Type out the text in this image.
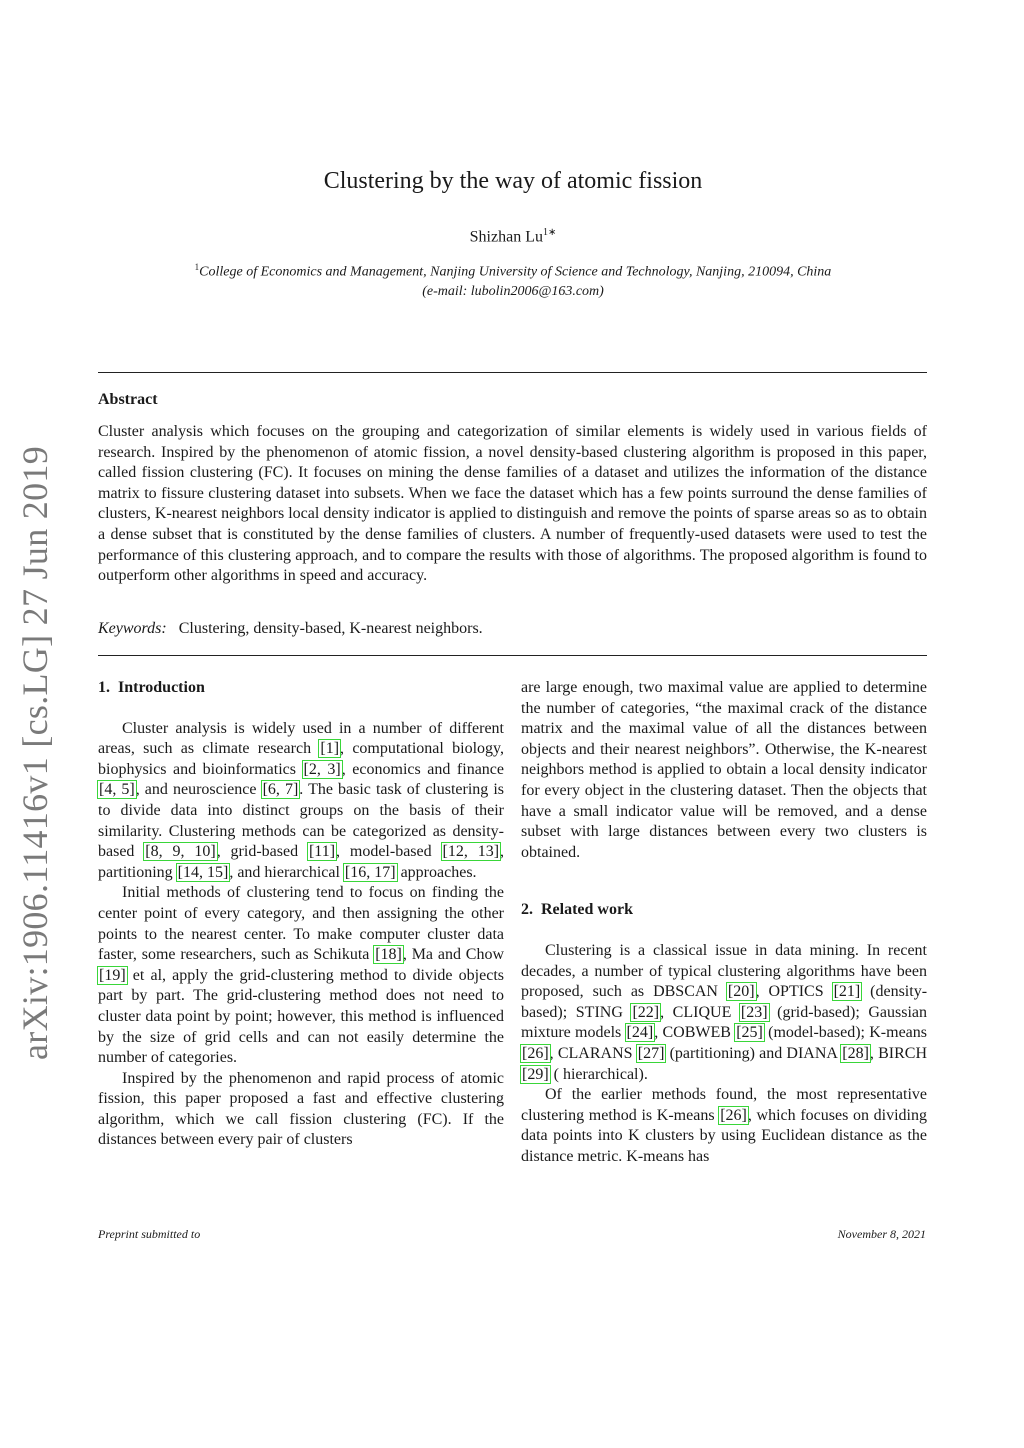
arXiv:1906.11416v1 [cs.LG] 27 Jun 2019
Clustering by the way of atomic fission
Shizhan $Lu^{1∗}$
$^1$College of Economics and Management, Nanjing University of Science and Technology, Nanjing, 210094, China
(e-mail: lubolin2006@163.com)
Abstract
Cluster analysis which focuses on the grouping and categorization of similar elements is widely used in various fields of research. Inspired by the phenomenon of atomic fission, a novel density-based clustering algorithm is proposed in this paper, called fission clustering (FC). It focuses on mining the dense families of a dataset and utilizes the information of the distance matrix to fissure clustering dataset into subsets. When we face the dataset which has a few points surround the dense families of clusters, K-nearest neighbors local density indicator is applied to distinguish and remove the points of sparse areas so as to obtain a dense subset that is constituted by the dense families of clusters. A number of frequently-used datasets were used to test the performance of this clustering approach, and to compare the results with those of algorithms. The proposed algorithm is found to outperform other algorithms in speed and accuracy.
Keywords: Clustering, density-based, K-nearest neighbors.
1. Introduction

Cluster analysis is widely used in a number of different areas, such as climate research [1], computational biology, biophysics and bioinformatics [2, 3], economics and finance [4, 5], and neuroscience [6, 7]. The basic task of clustering is to divide data into distinct groups on the basis of their similarity. Clustering methods can be categorized as density-based [8, 9, 10], grid-based [11], model-based [12, 13], partitioning [14, 15], and hierarchical [16, 17] approaches.

Initial methods of clustering tend to focus on finding the center point of every category, and then assigning the other points to the nearest center. To make computer cluster data faster, some researchers, such as Schikuta [18], Ma and Chow [19] et al, apply the grid-clustering method to divide objects part by part. The grid-clustering method does not need to cluster data point by point; however, this method is influenced by the size of grid cells and can not easily determine the number of categories.

Inspired by the phenomenon and rapid process of atomic fission, this paper proposed a fast and effective clustering algorithm, which we call fission clustering (FC). If the distances between every pair of clusters

are large enough, two maximal value are applied to determine the number of categories, “the maximal crack of the distance matrix and the maximal value of all the distances between objects and their nearest neighbors”. Otherwise, the K-nearest neighbors method is applied to obtain a local density indicator for every object in the clustering dataset. Then the objects that have a small indicator value will be removed, and a dense subset with large distances between every two clusters is obtained.

2. Related work

Clustering is a classical issue in data mining. In recent decades, a number of typical clustering algorithms have been proposed, such as DBSCAN [20], OPTICS [21] (density-based); STING [22], CLIQUE [23] (grid-based); Gaussian mixture models [24], COBWEB [25] (model-based); K-means [26], CLARANS [27] (partitioning) and DIANA [28], BIRCH [29] ( hierarchical).

Of the earlier methods found, the most representative clustering method is K-means [26], which focuses on dividing data points into K clusters by using Euclidean distance as the distance metric. K-means has

Preprint submitted to	November 8, 2021
